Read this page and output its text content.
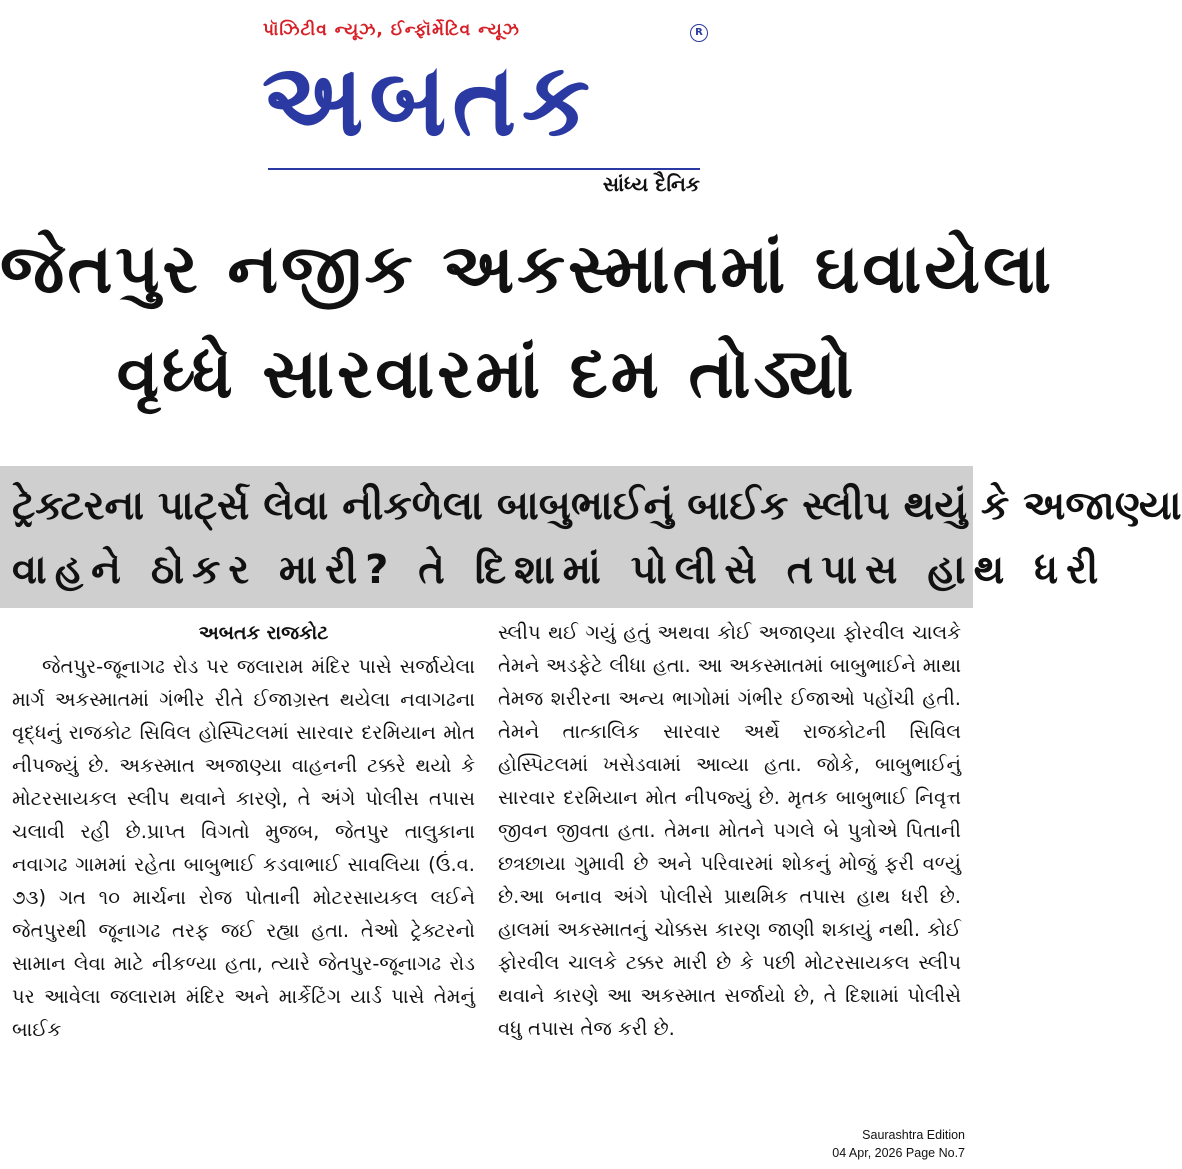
પૉઝિટીવ ન્યૂઝ, ઈન્ફૉર્મેટિવ ન્યૂઝ	R
અબતક
સાંધ્ય દૈનિક
જેતપુર નજીક અકસ્માતમાં ઘવાયેલા
વૃધ્ધે સારવારમાં દમ તોડ્યો
ટ્રેક્ટરના પાર્ટ્સ લેવા નીકળેલા બાબુભાઈનું બાઈક સ્લીપ થયું કે અજાણ્યા
વાહને ઠોકર મારી? તે દિશામાં પોલીસે તપાસ હાથ ધરી
અબતક રાજકોટ

જેતપુર-જૂનાગઢ રોડ પર જલારામ મંદિર પાસે સર્જાયેલા માર્ગ અકસ્માતમાં ગંભીર રીતે ઈજાગ્રસ્ત થયેલા નવાગઢના વૃદ્ધનું રાજકોટ સિવિલ હોસ્પિટલમાં સારવાર દરમિયાન મોત નીપજ્યું છે. અકસ્માત અજાણ્યા વાહનની ટક્કરે થયો કે મોટરસાયકલ સ્લીપ થવાને કારણે, તે અંગે પોલીસ તપાસ ચલાવી રહી છે.પ્રાપ્ત વિગતો મુજબ, જેતપુર તાલુકાના નવાગઢ ગામમાં રહેતા બાબુભાઈ કડવાભાઈ સાવલિયા (ઉં.વ. ૭૩) ગત ૧૦ માર્ચના રોજ પોતાની મોટરસાયકલ લઈને જેતપુરથી જૂનાગઢ તરફ જઈ રહ્યા હતા. તેઓ ટ્રેક્ટરનો સામાન લેવા માટે નીકળ્યા હતા, ત્યારે જેતપુર-જૂનાગઢ રોડ પર આવેલા જલારામ મંદિર અને માર્કેટિંગ યાર્ડ પાસે તેમનું બાઈક

સ્લીપ થઈ ગયું હતું અથવા કોઈ અજાણ્યા ફોરવીલ ચાલકે તેમને અડફેટે લીધા હતા. આ અકસ્માતમાં બાબુભાઈને માથા તેમજ શરીરના અન્ય ભાગોમાં ગંભીર ઈજાઓ પહોંચી હતી. તેમને તાત્કાલિક સારવાર અર્થે રાજકોટની સિવિલ હોસ્પિટલમાં ખસેડવામાં આવ્યા હતા. જોકે, બાબુભાઈનું સારવાર દરમિયાન મોત નીપજ્યું છે. મૃતક બાબુભાઈ નિવૃત્ત જીવન જીવતા હતા. તેમના મોતને પગલે બે પુત્રોએ પિતાની છત્રછાયા ગુમાવી છે અને પરિવારમાં શોકનું મોજું ફરી વળ્યું છે.આ બનાવ અંગે પોલીસે પ્રાથમિક તપાસ હાથ ધરી છે. હાલમાં અકસ્માતનું ચોક્કસ કારણ જાણી શકાયું નથી. કોઈ ફોરવીલ ચાલકે ટક્કર મારી છે કે પછી મોટરસાયકલ સ્લીપ થવાને કારણે આ અકસ્માત સર્જાયો છે, તે દિશામાં પોલીસે વધુ તપાસ તેજ કરી છે.

Saurashtra Edition
04 Apr, 2026 Page No.7
